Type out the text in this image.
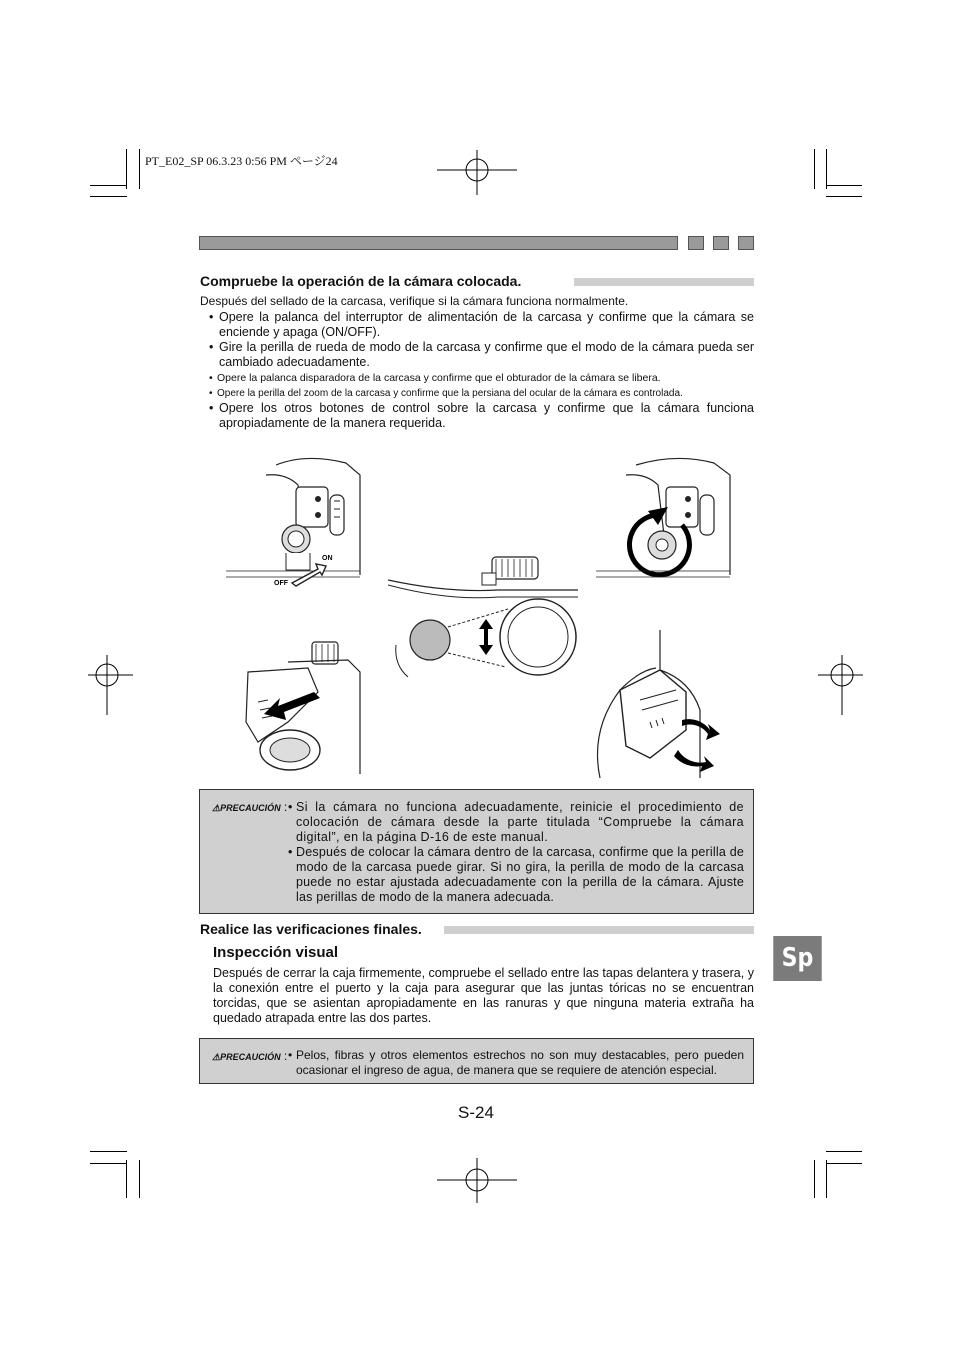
PT_E02_SP 06.3.23 0:56 PM ページ24
Compruebe la operación de la cámara colocada.
Después del sellado de la carcasa, verifique si la cámara funciona normalmente.
• Opere la palanca del interruptor de alimentación de la carcasa y confirme que la cámara se enciende y apaga (ON/OFF).
• Gire la perilla de rueda de modo de la carcasa y confirme que el modo de la cámara pueda ser cambiado adecuadamente.
• Opere la palanca disparadora de la carcasa y confirme que el obturador de la cámara se libera.
• Opere la perilla del zoom de la carcasa y confirme que la persiana del ocular de la cámara es controlada.
• Opere los otros botones de control sobre la carcasa y confirme que la cámara funciona apropiadamente de la manera requerida.
ON
OFF
⚠PRECAUCIÓN : • Si la cámara no funciona adecuadamente, reinicie el procedimiento de colocación de cámara desde la parte titulada “Compruebe la cámara digital”, en la página D-16 de este manual.
• Después de colocar la cámara dentro de la carcasa, confirme que la perilla de modo de la carcasa puede girar. Si no gira, la perilla de modo de la carcasa puede no estar ajustada adecuadamente con la perilla de la cámara. Ajuste las perillas de modo de la manera adecuada.
Realice las verificaciones finales.
Inspección visual
Después de cerrar la caja firmemente, compruebe el sellado entre las tapas delantera y trasera, y la conexión entre el puerto y la caja para asegurar que las juntas tóricas no se encuentran torcidas, que se asientan apropiadamente en las ranuras y que ninguna materia extraña ha quedado atrapada entre las dos partes.
⚠PRECAUCIÓN : • Pelos, fibras y otros elementos estrechos no son muy destacables, pero pueden ocasionar el ingreso de agua, de manera que se requiere de atención especial.
S-24
Sp
